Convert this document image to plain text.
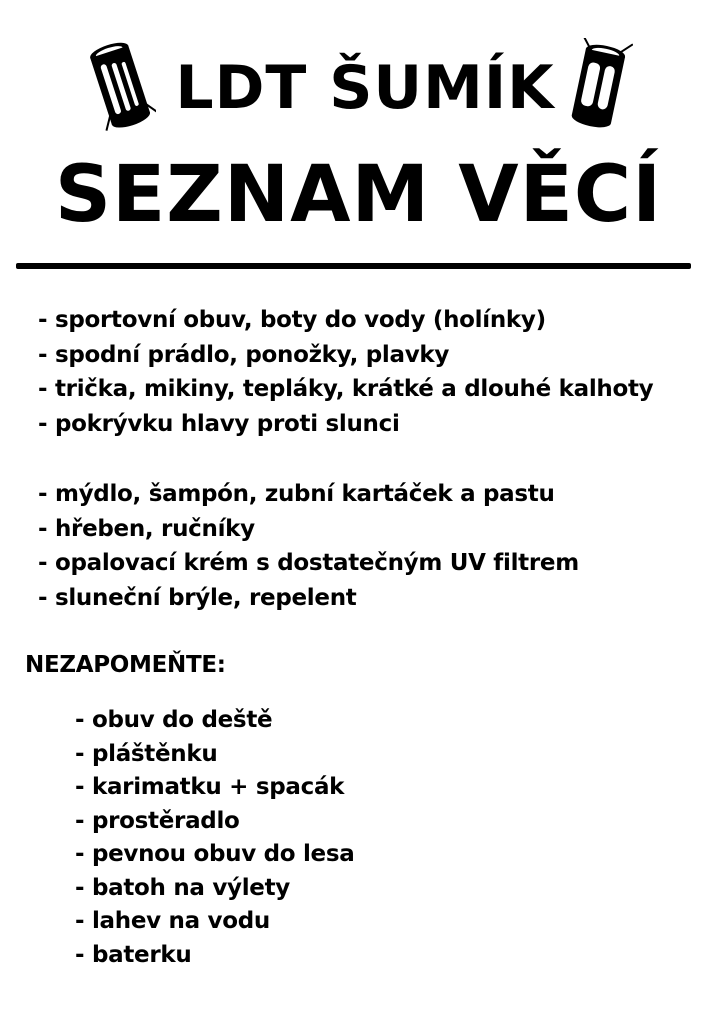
LDT ŠUMÍK
SEZNAM VĚCÍ
- sportovní obuv, boty do vody (holínky)
- spodní prádlo, ponožky, plavky
- trička, mikiny, tepláky, krátké a dlouhé kalhoty
- pokrývku hlavy proti slunci
- mýdlo, šampón, zubní kartáček a pastu
- hřeben, ručníky
- opalovací krém s dostatečným UV filtrem
- sluneční brýle, repelent
NEZAPOMEŇTE:
- obuv do deště
- pláštěnku
- karimatku + spacák
- prostěradlo
- pevnou obuv do lesa
- batoh na výlety
- lahev na vodu
- baterku
